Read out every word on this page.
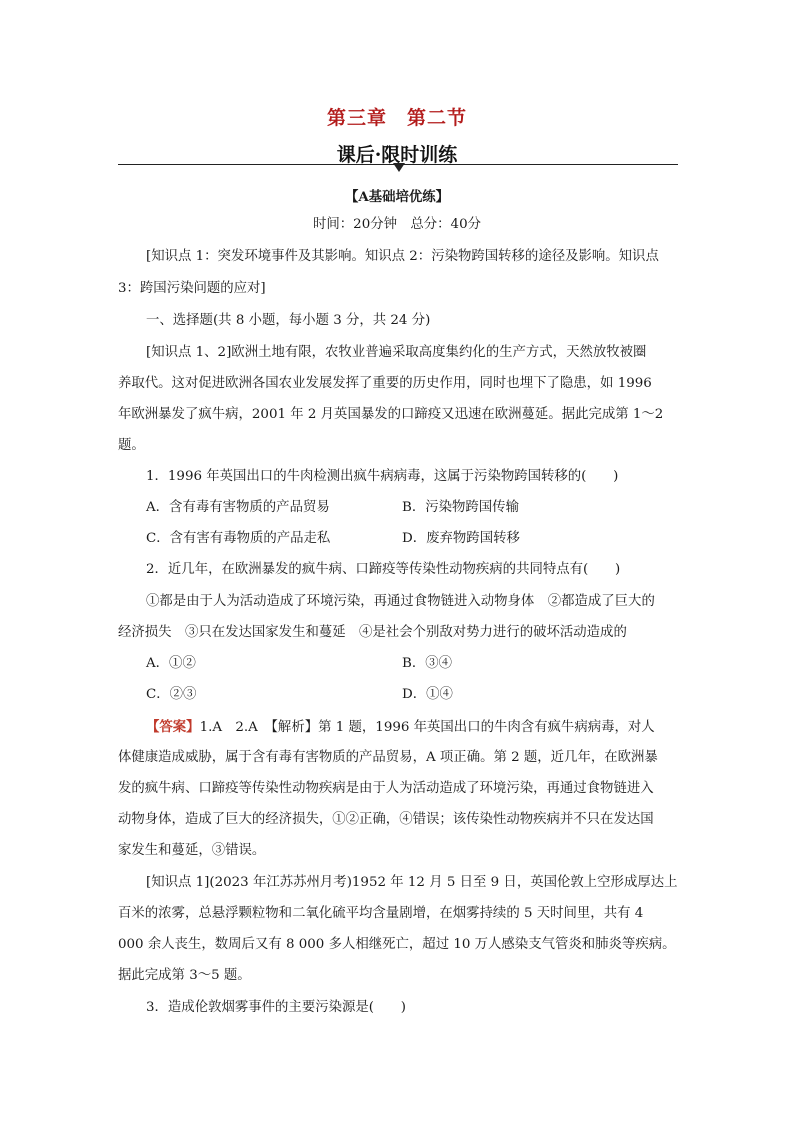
第三章　第二节
课后·限时训练
【A基础培优练】
时间：20分钟　总分：40分
[知识点 1：突发环境事件及其影响。知识点 2：污染物跨国转移的途径及影响。知识点
3：跨国污染问题的应对]
一、选择题(共 8 小题，每小题 3 分，共 24 分)
[知识点 1、2]欧洲土地有限，农牧业普遍采取高度集约化的生产方式，天然放牧被圈
养取代。这对促进欧洲各国农业发展发挥了重要的历史作用，同时也埋下了隐患，如 1996
年欧洲暴发了疯牛病，2001 年 2 月英国暴发的口蹄疫又迅速在欧洲蔓延。据此完成第 1～2
题。
1．1996 年英国出口的牛肉检测出疯牛病病毒，这属于污染物跨国转移的(　　)
A．含有毒有害物质的产品贸易	B．污染物跨国传输
C．含有害有毒物质的产品走私	D．废弃物跨国转移
2．近几年，在欧洲暴发的疯牛病、口蹄疫等传染性动物疾病的共同特点有(　　)
①都是由于人为活动造成了环境污染，再通过食物链进入动物身体　②都造成了巨大的
经济损失　③只在发达国家发生和蔓延　④是社会个别敌对势力进行的破坏活动造成的
A．①②	B．③④
C．②③	D．①④
【答案】1.A　2.A　【解析】第 1 题，1996 年英国出口的牛肉含有疯牛病病毒，对人
体健康造成威胁，属于含有毒有害物质的产品贸易，A 项正确。第 2 题，近几年，在欧洲暴
发的疯牛病、口蹄疫等传染性动物疾病是由于人为活动造成了环境污染，再通过食物链进入
动物身体，造成了巨大的经济损失，①②正确，④错误；该传染性动物疾病并不只在发达国
家发生和蔓延，③错误。
[知识点 1](2023 年江苏苏州月考)1952 年 12 月 5 日至 9 日，英国伦敦上空形成厚达上
百米的浓雾，总悬浮颗粒物和二氧化硫平均含量剧增，在烟雾持续的 5 天时间里，共有 4
000 余人丧生，数周后又有 8 000 多人相继死亡，超过 10 万人感染支气管炎和肺炎等疾病。
据此完成第 3～5 题。
3．造成伦敦烟雾事件的主要污染源是(　　)
